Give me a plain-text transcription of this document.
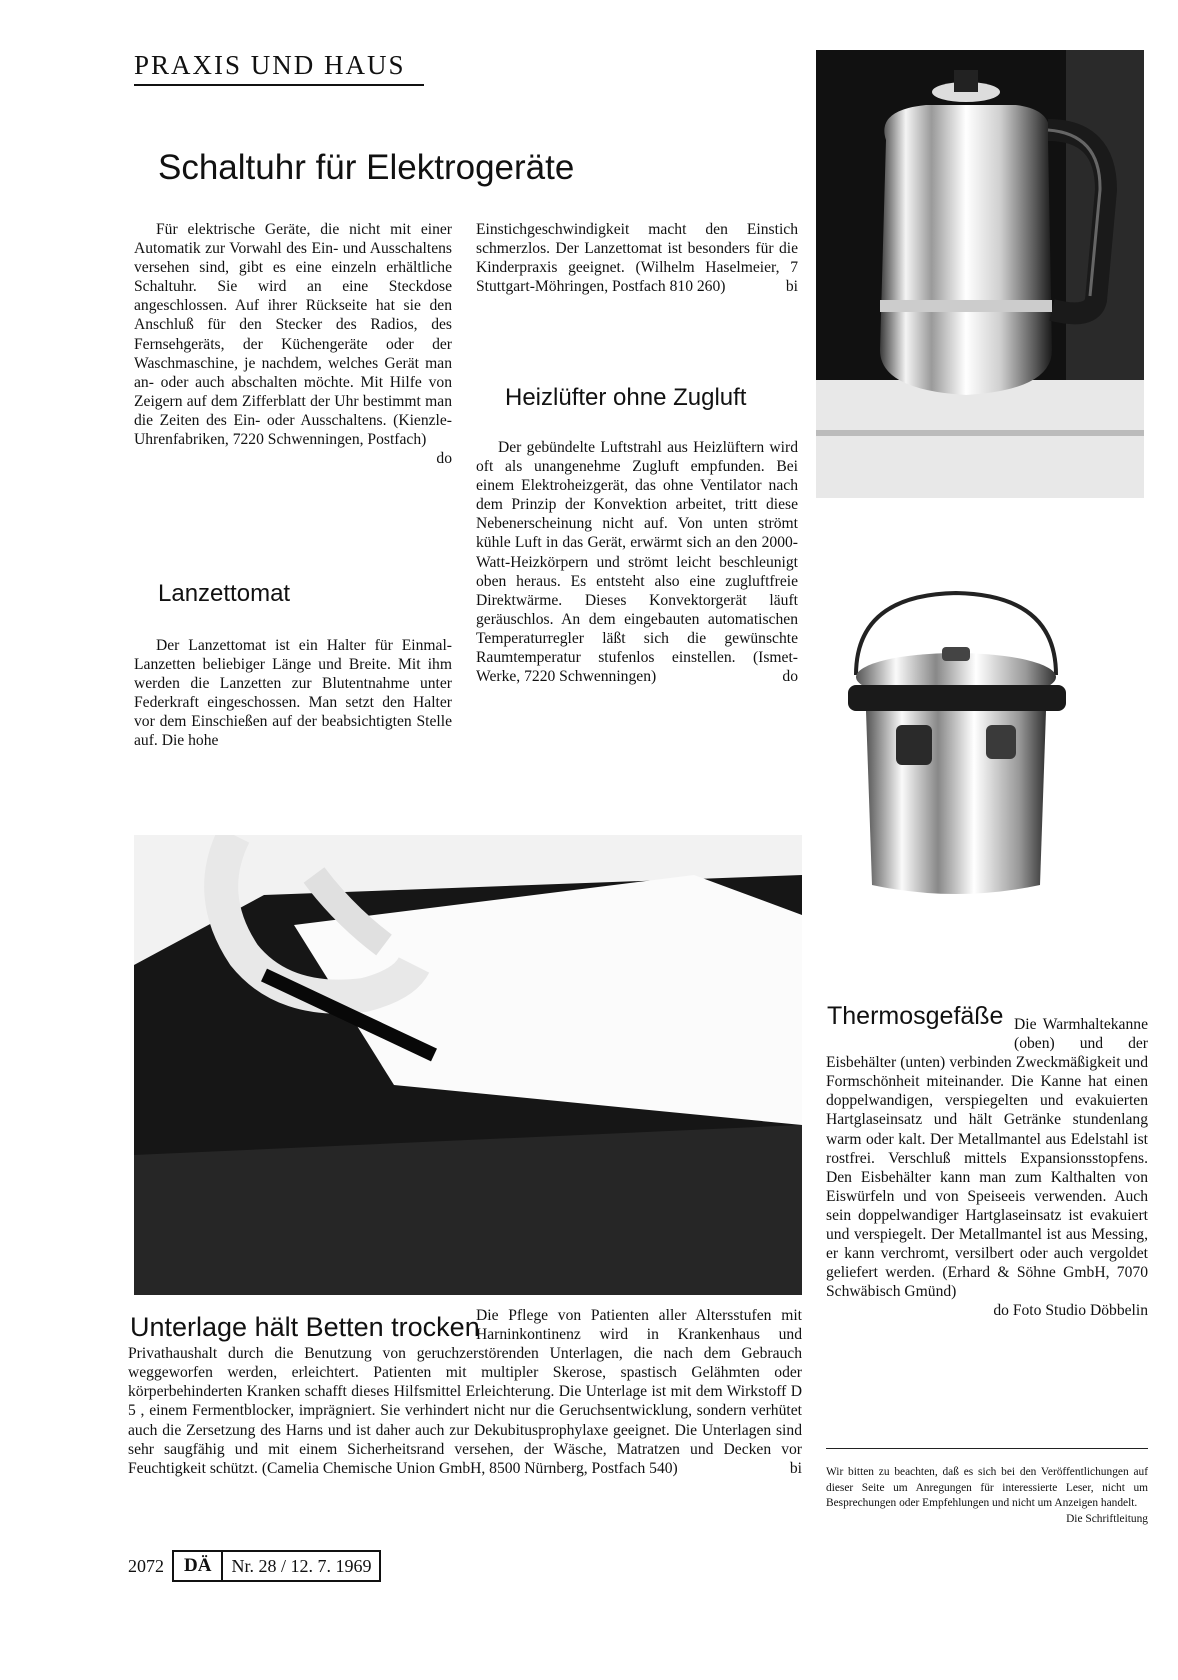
PRAXIS UND HAUS
Schaltuhr für Elektrogeräte

Für elektrische Geräte, die nicht mit einer Automatik zur Vorwahl des Ein- und Ausschaltens versehen sind, gibt es eine einzeln erhältliche Schaltuhr. Sie wird an eine Steckdose angeschlossen. Auf ihrer Rückseite hat sie den Anschluß für den Stecker des Radios, des Fernsehgeräts, der Küchengeräte oder der Waschmaschine, je nachdem, welches Gerät man an- oder auch abschalten möchte. Mit Hilfe von Zeigern auf dem Zifferblatt der Uhr bestimmt man die Zeiten des Ein- oder Ausschaltens. (Kienzle-Uhrenfabriken, 7220 Schwenningen, Postfach)
do

Lanzettomat

Der Lanzettomat ist ein Halter für Einmal-Lanzetten beliebiger Länge und Breite. Mit ihm werden die Lanzetten zur Blutentnahme unter Federkraft eingeschossen. Man setzt den Halter vor dem Einschießen auf der beabsichtigten Stelle auf. Die hohe

Einstichgeschwindigkeit macht den Einstich schmerzlos. Der Lanzettomat ist besonders für die Kinderpraxis geeignet. (Wilhelm Haselmeier, 7 Stuttgart-Möhringen, Postfach 810 260)	bi

Heizlüfter ohne Zugluft

Der gebündelte Luftstrahl aus Heizlüftern wird oft als unangenehme Zugluft empfunden. Bei einem Elektroheizgerät, das ohne Ventilator nach dem Prinzip der Konvektion arbeitet, tritt diese Nebenerscheinung nicht auf. Von unten strömt kühle Luft in das Gerät, erwärmt sich an den 2000-Watt-Heizkörpern und strömt leicht beschleunigt oben heraus. Es entsteht also eine zugluftfreie Direktwärme. Dieses Konvektorgerät läuft geräuschlos. An dem eingebauten automatischen Temperaturregler läßt sich die gewünschte Raumtemperatur stufenlos einstellen. (Ismet-Werke, 7220 Schwenningen)	do

Thermosgefäße Die Warmhaltekanne (oben) und der Eisbehälter (unten) verbinden Zweckmäßigkeit und Formschönheit miteinander. Die Kanne hat einen doppelwandigen, verspiegelten und evakuierten Hartglaseinsatz und hält Getränke stundenlang warm oder kalt. Der Metallmantel aus Edelstahl ist rostfrei. Verschluß mittels Expansionsstopfens. Den Eisbehälter kann man zum Kalthalten von Eiswürfeln und von Speiseeis verwenden. Auch sein doppelwandiger Hartglaseinsatz ist evakuiert und verspiegelt. Der Metallmantel ist aus Messing, er kann verchromt, versilbert oder auch vergoldet geliefert werden. (Erhard & Söhne GmbH, 7070 Schwäbisch Gmünd)

do Foto Studio Döbbelin

Unterlage hält Betten trocken

Die Pflege von Patienten aller Altersstufen mit Harninkontinenz wird in Krankenhaus und Privathaushalt durch die Benutzung von geruchzerstörenden Unterlagen, die nach dem Gebrauch weggeworfen werden, erleichtert. Patienten mit multipler Skerose, spastisch Gelähmten oder körperbehinderten Kranken schafft dieses Hilfsmittel Erleichterung. Die Unterlage ist mit dem Wirkstoff D 5 , einem Fermentblocker, imprägniert. Sie verhindert nicht nur die Geruchsentwicklung, sondern verhütet auch die Zersetzung des Harns und ist daher auch zur Dekubitusprophylaxe geeignet. Die Unterlagen sind sehr saugfähig und mit einem Sicherheitsrand versehen, der Wäsche, Matratzen und Decken vor Feuchtigkeit schützt. (Camelia Chemische Union GmbH, 8500 Nürnberg, Postfach 540)	bi Wir bitten zu beachten, daß es sich bei den Veröffentlichungen auf dieser Seite um Anregungen für interessierte Leser, nicht um Besprechungen oder Empfehlungen und nicht um Anzeigen handelt.
Die Schriftleitung
2072	DÄ	Nr. 28 / 12. 7. 1969
